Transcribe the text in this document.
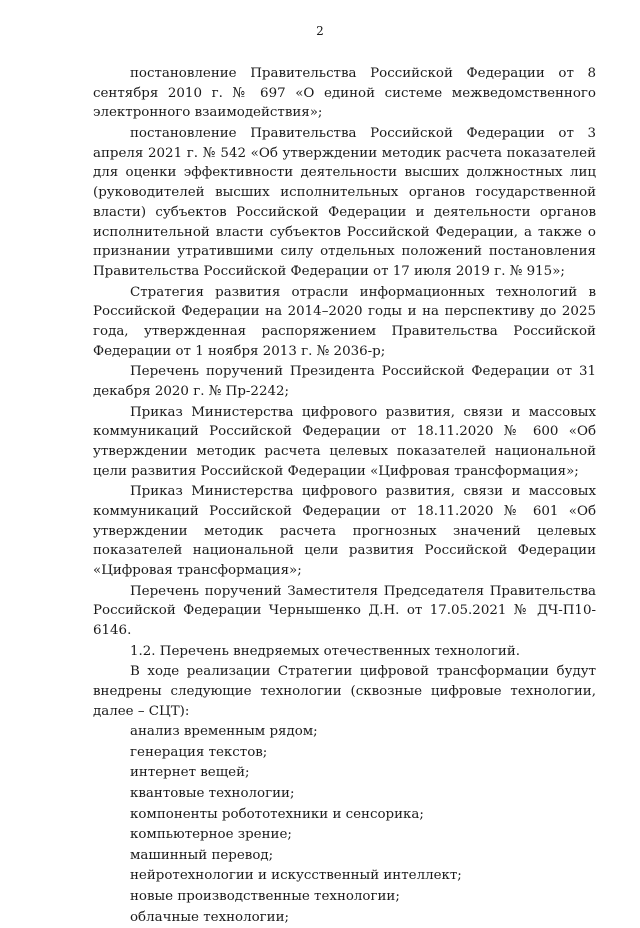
2

постановление Правительства Российской Федерации от 8 сентября 2010 г. № 697 «О единой системе межведомственного электронного взаимодействия»;

постановление Правительства Российской Федерации от 3 апреля 2021 г. № 542 «Об утверждении методик расчета показателей для оценки эффективности деятельности высших должностных лиц (руководителей высших исполнительных органов государственной власти) субъектов Российской Федерации и деятельности органов исполнительной власти субъектов Российской Федерации, а также о признании утратившими силу отдельных положений постановления Правительства Российской Федерации от 17 июля 2019 г. № 915»;

Стратегия развития отрасли информационных технологий в Российской Федерации на 2014–2020 годы и на перспективу до 2025 года, утвержденная распоряжением Правительства Российской Федерации от 1 ноября 2013 г. № 2036-р;

Перечень поручений Президента Российской Федерации от 31 декабря 2020 г. № Пр-2242;

Приказ Министерства цифрового развития, связи и массовых коммуникаций Российской Федерации от 18.11.2020 № 600 «Об утверждении методик расчета целевых показателей национальной цели развития Российской Федерации «Цифровая трансформация»;

Приказ Министерства цифрового развития, связи и массовых коммуникаций Российской Федерации от 18.11.2020 № 601 «Об утверждении методик расчета прогнозных значений целевых показателей национальной цели развития Российской Федерации «Цифровая трансформация»;

Перечень поручений Заместителя Председателя Правительства Российской Федерации Чернышенко Д.Н. от 17.05.2021 № ДЧ-П10-6146.

1.2. Перечень внедряемых отечественных технологий.

В ходе реализации Стратегии цифровой трансформации будут внедрены следующие технологии (сквозные цифровые технологии, далее – СЦТ):

анализ временным рядом;

генерация текстов;

интернет вещей;

квантовые технологии;

компоненты робототехники и сенсорика;

компьютерное зрение;

машинный перевод;

нейротехнологии и искусственный интеллект;

новые производственные технологии;

облачные технологии;
